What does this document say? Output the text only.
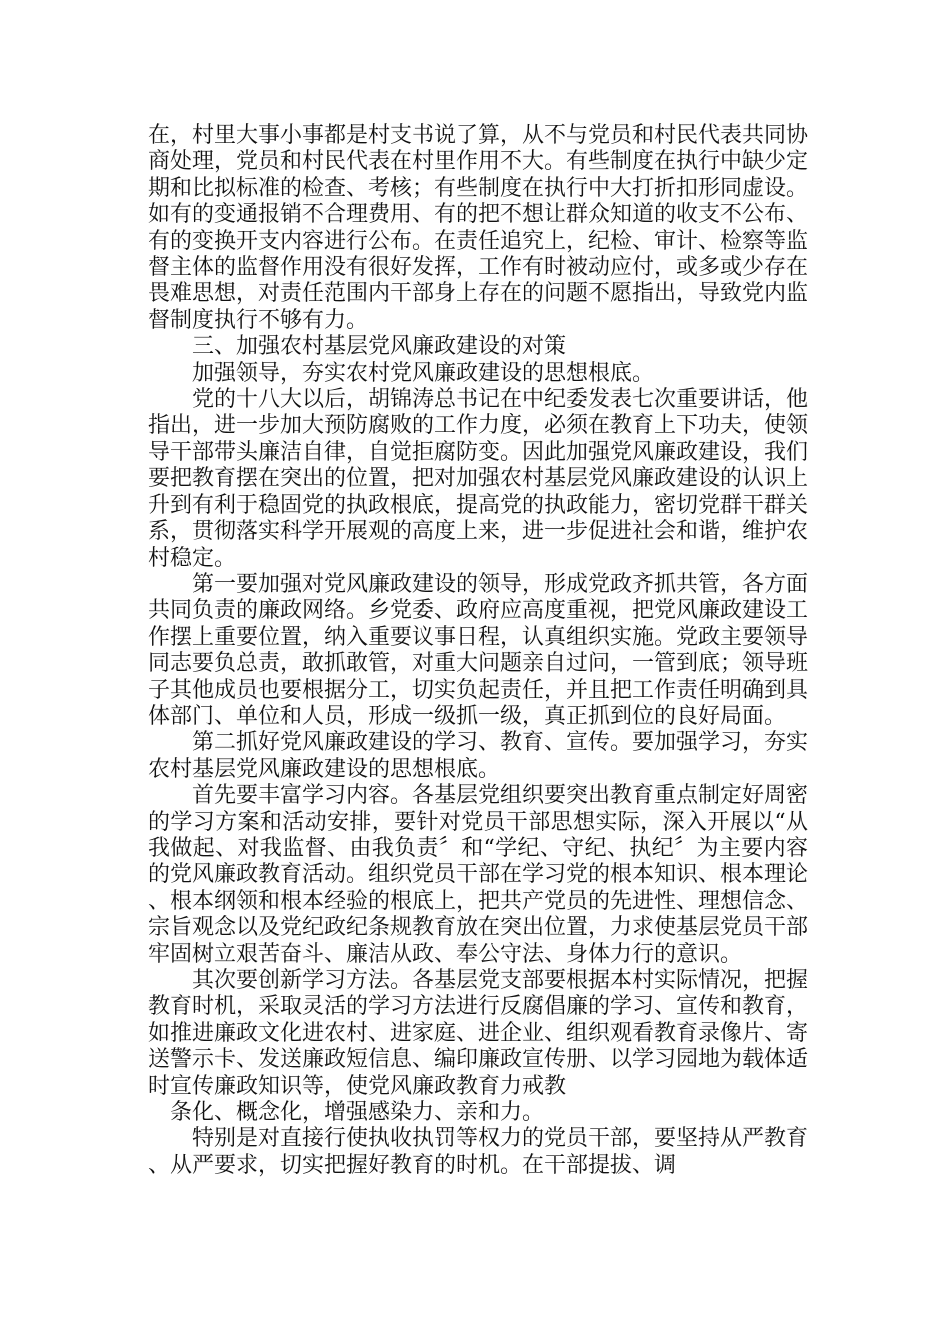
在，村里大事小事都是村支书说了算，从不与党员和村民代表共同协商处理，党员和村民代表在村里作用不大。有些制度在执行中缺少定期和比拟标准的检查、考核；有些制度在执行中大打折扣形同虚设。如有的变通报销不合理费用、有的把不想让群众知道的收支不公布、有的变换开支内容进行公布。在责任追究上，纪检、审计、检察等监督主体的监督作用没有很好发挥，工作有时被动应付，或多或少存在畏难思想，对责任范围内干部身上存在的问题不愿指出，导致党内监督制度执行不够有力。

三、加强农村基层党风廉政建设的对策

加强领导，夯实农村党风廉政建设的思想根底。

党的十八大以后，胡锦涛总书记在中纪委发表七次重要讲话，他指出，进一步加大预防腐败的工作力度，必须在教育上下功夫，使领导干部带头廉洁自律，自觉拒腐防变。因此加强党风廉政建设，我们要把教育摆在突出的位置，把对加强农村基层党风廉政建设的认识上升到有利于稳固党的执政根底，提高党的执政能力，密切党群干群关系，贯彻落实科学开展观的高度上来，进一步促进社会和谐，维护农村稳定。

第一要加强对党风廉政建设的领导，形成党政齐抓共管，各方面共同负责的廉政网络。乡党委、政府应高度重视，把党风廉政建设工作摆上重要位置，纳入重要议事日程，认真组织实施。党政主要领导同志要负总责，敢抓敢管，对重大问题亲自过问，一管到底；领导班子其他成员也要根据分工，切实负起责任，并且把工作责任明确到具体部门、单位和人员，形成一级抓一级，真正抓到位的良好局面。

第二抓好党风廉政建设的学习、教育、宣传。要加强学习，夯实农村基层党风廉政建设的思想根底。

首先要丰富学习内容。各基层党组织要突出教育重点制定好周密的学习方案和活动安排，要针对党员干部思想实际，深入开展以“从我做起、对我监督、由我负责〞和“学纪、守纪、执纪〞为主要内容的党风廉政教育活动。组织党员干部在学习党的根本知识、根本理论、根本纲领和根本经验的根底上，把共产党员的先进性、理想信念、宗旨观念以及党纪政纪条规教育放在突出位置，力求使基层党员干部牢固树立艰苦奋斗、廉洁从政、奉公守法、身体力行的意识。

其次要创新学习方法。各基层党支部要根据本村实际情况，把握教育时机，采取灵活的学习方法进行反腐倡廉的学习、宣传和教育，如推进廉政文化进农村、进家庭、进企业、组织观看教育录像片、寄送警示卡、发送廉政短信息、编印廉政宣传册、以学习园地为载体适时宣传廉政知识等，使党风廉政教育力戒教

条化、概念化，增强感染力、亲和力。

特别是对直接行使执收执罚等权力的党员干部，要坚持从严教育、从严要求，切实把握好教育的时机。在干部提拔、调
